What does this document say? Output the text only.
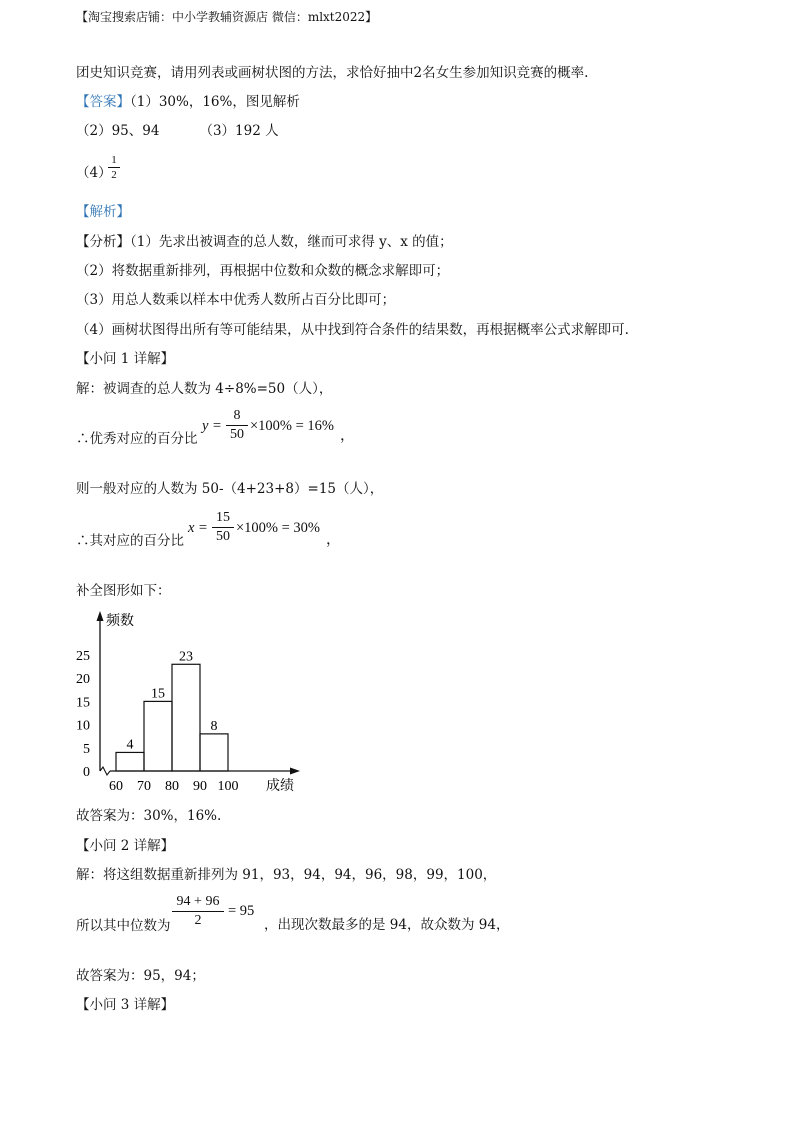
【淘宝搜索店铺：中小学教辅资源店 微信：mlxt2022】
团史知识竞赛，请用列表或画树状图的方法，求恰好抽中2名女生参加知识竞赛的概率.
【答案】（1）30%，16%，图见解析
（2）95、94	（3）192 人
（4）
1
2
【解析】
【分析】（1）先求出被调查的总人数，继而可求得 y、x 的值；
（2）将数据重新排列，再根据中位数和众数的概念求解即可；
（3）用总人数乘以样本中优秀人数所占百分比即可；
（4）画树状图得出所有等可能结果，从中找到符合条件的结果数，再根据概率公式求解即可.
【小问 1 详解】
解：被调查的总人数为 4÷8%=50（人），
∴优秀对应的百分比
y =
8
50
×100% = 16%
，
则一般对应的人数为 50-（4+23+8）=15（人），
∴其对应的百分比
x =
15
50
×100% = 30%
，
补全图形如下：
频数
成绩
4
15
23
8
60 70 80 90 100
0
5
10
15
20
25
故答案为：30%，16%.
【小问 2 详解】
解：将这组数据重新排列为 91，93，94，94，96，98，99，100，
所以其中位数为
94 + 96
2
= 95
，出现次数最多的是 94，故众数为 94，
故答案为：95，94；
【小问 3 详解】
